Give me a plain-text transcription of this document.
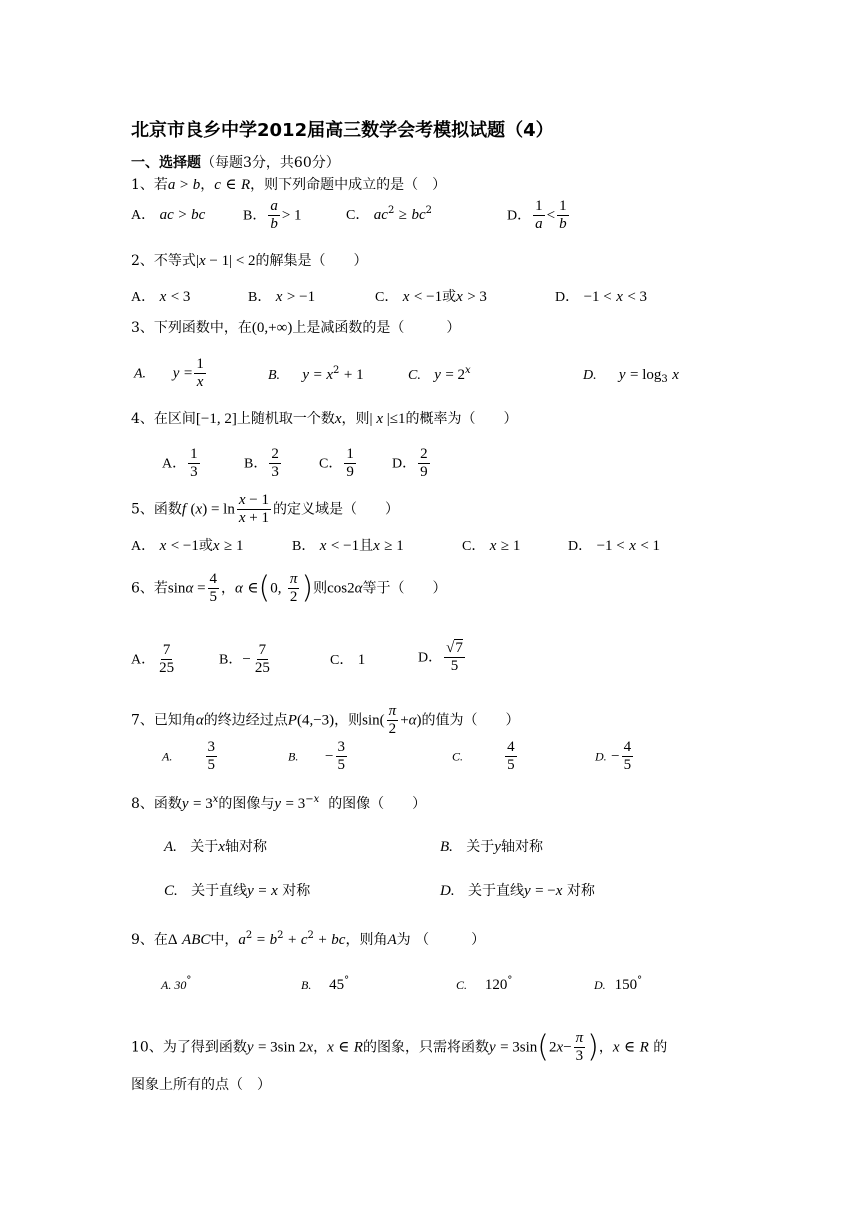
北京市良乡中学2012届高三数学会考模拟试题（4）
一、选择题（每题3分，共60分）
1、若a > b，c ∈ R，则下列命题中成立的是（　）
A． ac > bc	B． $\frac{a}{b} > 1$	C． $ac^2 \ge bc^2$	D． $\frac{1}{a} < \frac{1}{b}$
2、不等式|x − 1| < 2的解集是（　　）
A． x < 3	B． x > −1	C． x < −1或x > 3	D． −1 < x < 3
3、下列函数中，在(0,+∞)上是减函数的是（　　　）
A. $y = \frac{1}{x}$	B. $y = x^2 + 1$	C. $y = 2^x$	D. $y = \log_3 x$
4、在区间[−1, 2]上随机取一个数x，则| x |≤1的概率为（　　）
A． $\frac{1}{3}$	B． $\frac{2}{3}$	C． $\frac{1}{9}$	D． $\frac{2}{9}$
5、函数f $(x) = \ln \frac{x - 1}{x + 1}$ 的定义域是（　　）
A． x < −1或x ≥ 1	B． x < −1且x ≥ 1	C． x ≥ 1	D． −1 < x < 1
6、若$\sin\alpha = \frac{4}{5}$ ，α ∈(0, $\frac{\pi}{2}$ )则cos2α等于（　　）
A． $\frac{7}{25}$	B．− $\frac{7}{25}$	C． 1	D． $\frac{√7}{5}$
7、已知角α的终边经过点P(4,−3)，则$\sin( \frac{\pi}{2} +\alpha)$的值为（　　）
A. $\frac{3}{5}$	B. − $\frac{3}{5}$	C.	$\frac{4}{5}$	D. − $\frac{4}{5}$
8、函数$y = 3^x$的图像与$y = 3^{-x}$ 的图像（　　）
A. 关于x轴对称	B. 关于y轴对称
C. 关于直线y = x 对称	D. 关于直线y = −x 对称
9、在Δ ABC中，$a^2 = b^2 + c^2$ + bc，则角A为 （　　　）
A. 30°	B. 45°	C. 120°	D. 150°
10、为了得到函数y = 3sin 2x，x ∈ R的图象，只需将函数$y = 3\sin(2x- \frac{\pi}{3}$ )，x ∈ R 的
图象上所有的点（　）
